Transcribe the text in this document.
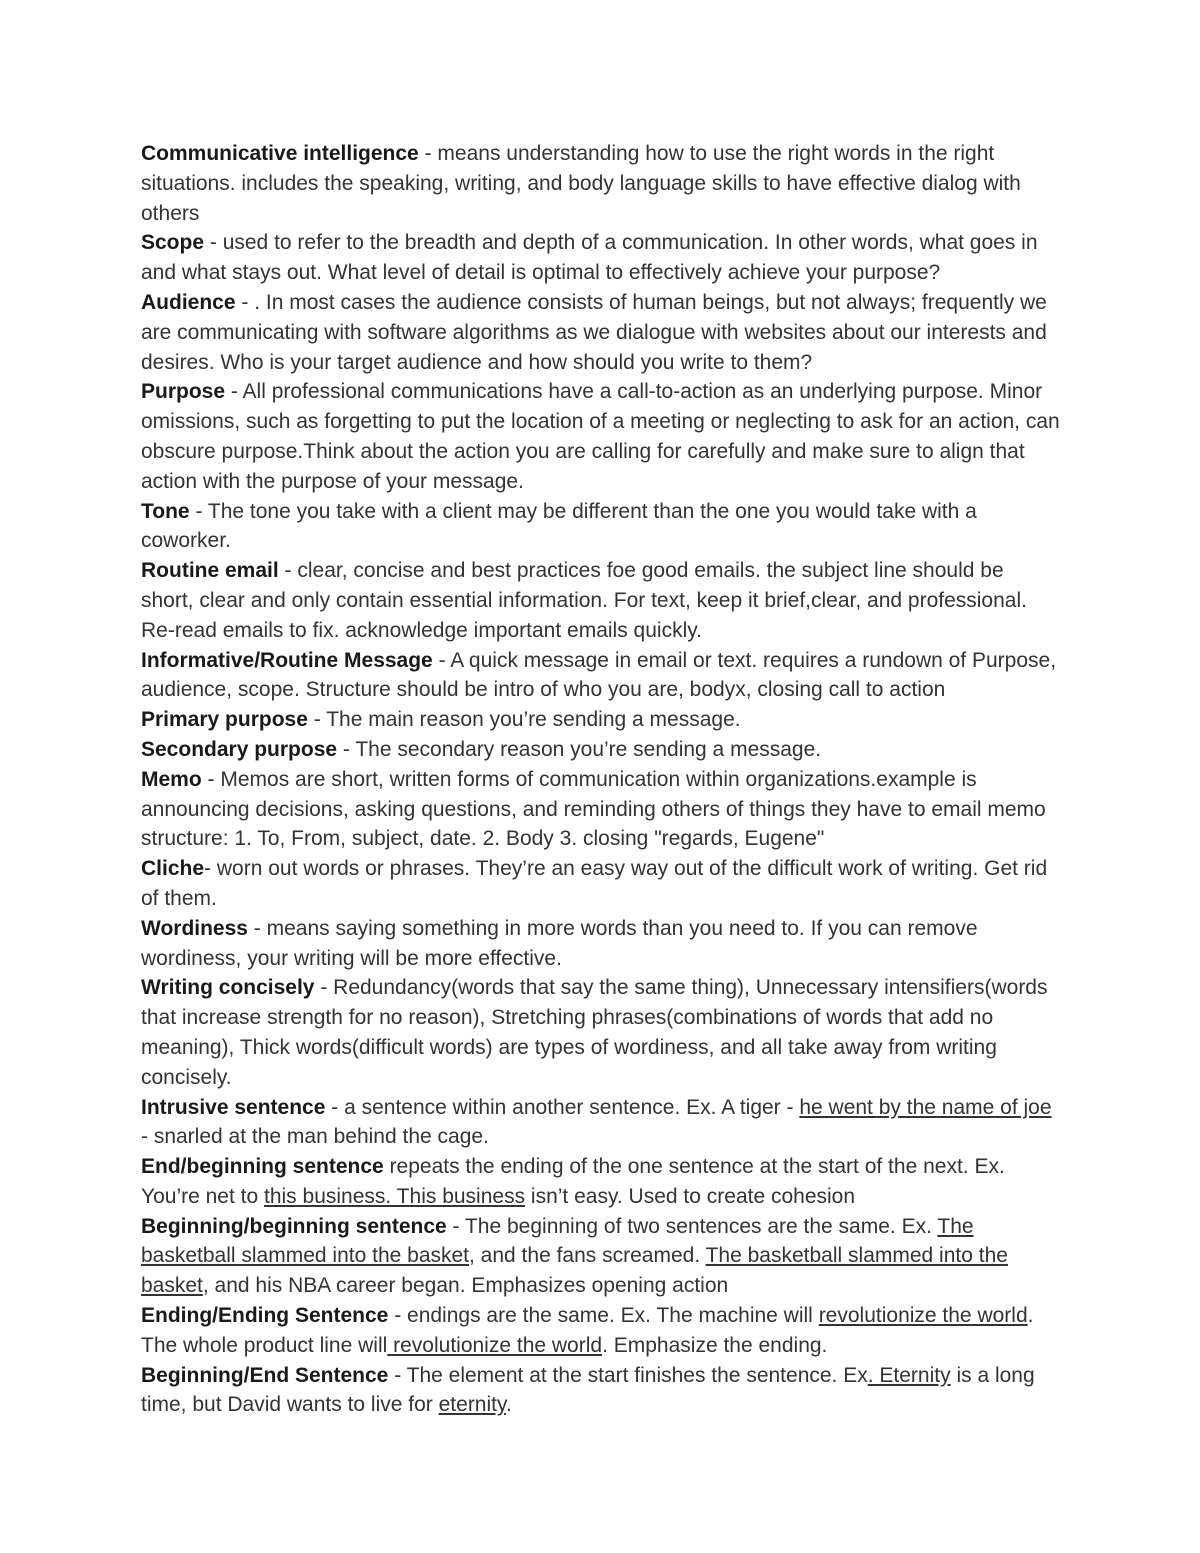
Communicative intelligence - means understanding how to use the right words in the right situations. includes the speaking, writing, and body language skills to have effective dialog with others

Scope - used to refer to the breadth and depth of a communication. In other words, what goes in and what stays out. What level of detail is optimal to effectively achieve your purpose?

Audience - . In most cases the audience consists of human beings, but not always; frequently we are communicating with software algorithms as we dialogue with websites about our interests and desires. Who is your target audience and how should you write to them?

Purpose - All professional communications have a call-to-action as an underlying purpose. Minor omissions, such as forgetting to put the location of a meeting or neglecting to ask for an action, can obscure purpose.Think about the action you are calling for carefully and make sure to align that action with the purpose of your message.

Tone - The tone you take with a client may be different than the one you would take with a coworker.

Routine email - clear, concise and best practices foe good emails. the subject line should be short, clear and only contain essential information. For text, keep it brief,clear, and professional. Re-read emails to fix. acknowledge important emails quickly.

Informative/Routine Message - A quick message in email or text. requires a rundown of Purpose, audience, scope. Structure should be intro of who you are, bodyx, closing call to action

Primary purpose - The main reason you’re sending a message.

Secondary purpose - The secondary reason you’re sending a message.

Memo - Memos are short, written forms of communication within organizations.example is announcing decisions, asking questions, and reminding others of things they have to email memo structure: 1. To, From, subject, date. 2. Body 3. closing "regards, Eugene"

Cliche- worn out words or phrases. They’re an easy way out of the difficult work of writing. Get rid of them.

Wordiness - means saying something in more words than you need to. If you can remove wordiness, your writing will be more effective.

Writing concisely - Redundancy(words that say the same thing), Unnecessary intensifiers(words that increase strength for no reason), Stretching phrases(combinations of words that add no meaning), Thick words(difficult words) are types of wordiness, and all take away from writing concisely.

Intrusive sentence - a sentence within another sentence. Ex. A tiger - he went by the name of joe - snarled at the man behind the cage.

End/beginning sentence repeats the ending of the one sentence at the start of the next. Ex. You’re net to this business. This business isn’t easy. Used to create cohesion

Beginning/beginning sentence - The beginning of two sentences are the same. Ex. The basketball slammed into the basket, and the fans screamed. The basketball slammed into the basket, and his NBA career began. Emphasizes opening action

Ending/Ending Sentence - endings are the same. Ex. The machine will revolutionize the world. The whole product line will revolutionize the world. Emphasize the ending.

Beginning/End Sentence - The element at the start finishes the sentence. Ex. Eternity is a long time, but David wants to live for eternity.
